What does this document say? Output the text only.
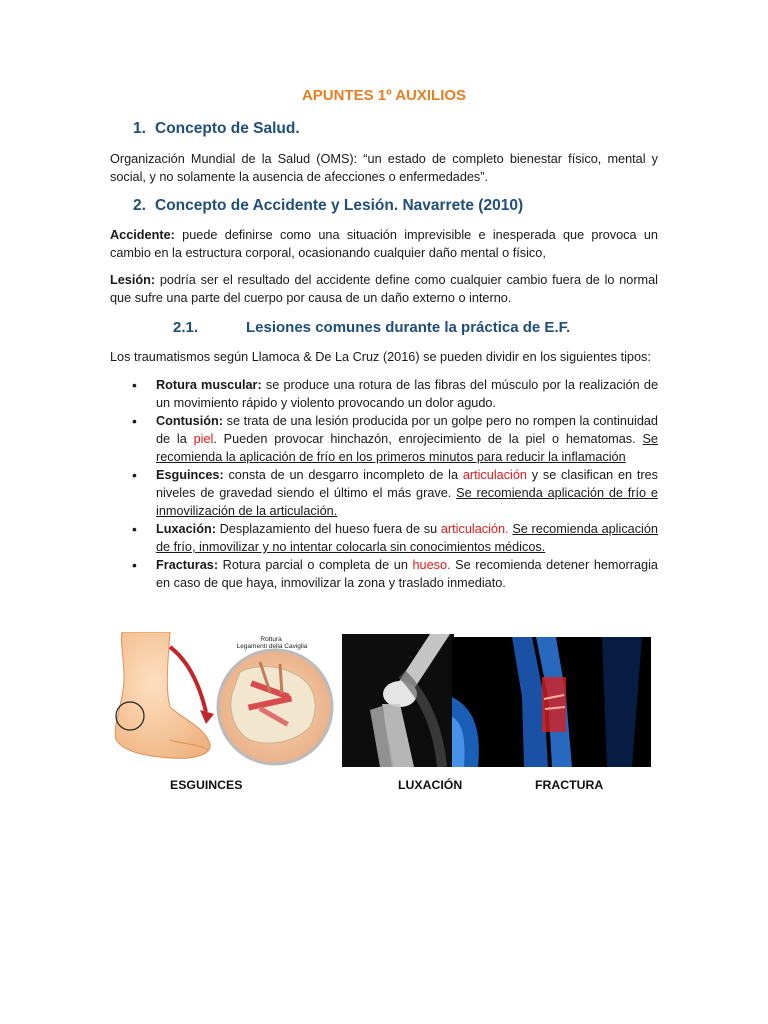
APUNTES 1º AUXILIOS
1. Concepto de Salud.
Organización Mundial de la Salud (OMS): “un estado de completo bienestar físico, mental y social, y no solamente la ausencia de afecciones o enfermedades”.
2. Concepto de Accidente y Lesión. Navarrete (2010)
Accidente: puede definirse como una situación imprevisible e inesperada que provoca un cambio en la estructura corporal, ocasionando cualquier daño mental o físico,
Lesión: podría ser el resultado del accidente define como cualquier cambio fuera de lo normal que sufre una parte del cuerpo por causa de un daño externo o interno.
2.1.	Lesiones comunes durante la práctica de E.F.
Los traumatismos según Llamoca & De La Cruz (2016) se pueden dividir en los siguientes tipos:
• Rotura muscular: se produce una rotura de las fibras del músculo por la realización de un movimiento rápido y violento provocando un dolor agudo.
• Contusión: se trata de una lesión producida por un golpe pero no rompen la continuidad de la piel. Pueden provocar hinchazón, enrojecimiento de la piel o hematomas. Se recomienda la aplicación de frío en los primeros minutos para reducir la inflamación
• Esguinces: consta de un desgarro incompleto de la articulación y se clasifican en tres niveles de gravedad siendo el último el más grave. Se recomienda aplicación de frío e inmovilización de la articulación.
• Luxación: Desplazamiento del hueso fuera de su articulación. Se recomienda aplicación de frío, inmovilizar y no intentar colocarla sin conocimientos médicos.
• Fracturas: Rotura parcial o completa de un hueso. Se recomienda detener hemorragia en caso de que haya, inmovilizar la zona y traslado inmediato.
Rottura Legamenti della Caviglia
ESGUINCES	LUXACIÓN	FRACTURA
